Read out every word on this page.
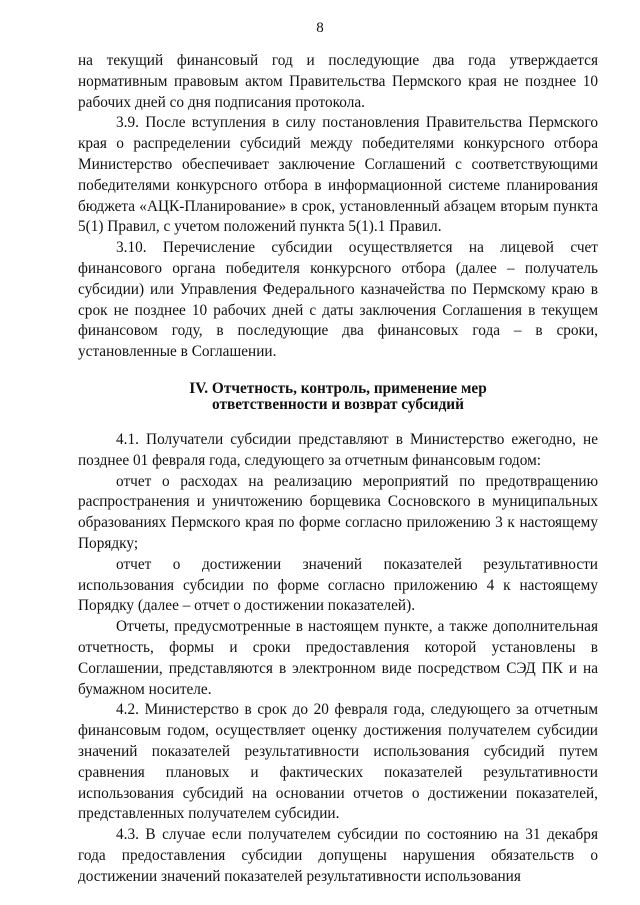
8

на текущий финансовый год и последующие два года утверждается нормативным правовым актом Правительства Пермского края не позднее 10 рабочих дней со дня подписания протокола.

3.9. После вступления в силу постановления Правительства Пермского края о распределении субсидий между победителями конкурсного отбора Министерство обеспечивает заключение Соглашений с соответствующими победителями конкурсного отбора в информационной системе планирования бюджета «АЦК-Планирование» в срок, установленный абзацем вторым пункта 5(1) Правил, с учетом положений пункта 5(1).1 Правил.

3.10. Перечисление субсидии осуществляется на лицевой счет финансового органа победителя конкурсного отбора (далее – получатель субсидии) или Управления Федерального казначейства по Пермскому краю в срок не позднее 10 рабочих дней с даты заключения Соглашения в текущем финансовом году, в последующие два финансовых года – в сроки, установленные в Соглашении.

IV. Отчетность, контроль, применение мер
ответственности и возврат субсидий

4.1. Получатели субсидии представляют в Министерство ежегодно, не позднее 01 февраля года, следующего за отчетным финансовым годом:

отчет о расходах на реализацию мероприятий по предотвращению распространения и уничтожению борщевика Сосновского в муниципальных образованиях Пермского края по форме согласно приложению 3 к настоящему Порядку;

отчет о достижении значений показателей результативности использования субсидии по форме согласно приложению 4 к настоящему Порядку (далее – отчет о достижении показателей).

Отчеты, предусмотренные в настоящем пункте, а также дополнительная отчетность, формы и сроки предоставления которой установлены в Соглашении, представляются в электронном виде посредством СЭД ПК и на бумажном носителе.

4.2. Министерство в срок до 20 февраля года, следующего за отчетным финансовым годом, осуществляет оценку достижения получателем субсидии значений показателей результативности использования субсидий путем сравнения плановых и фактических показателей результативности использования субсидий на основании отчетов о достижении показателей, представленных получателем субсидии.

4.3. В случае если получателем субсидии по состоянию на 31 декабря года предоставления субсидии допущены нарушения обязательств о достижении значений показателей результативности использования
